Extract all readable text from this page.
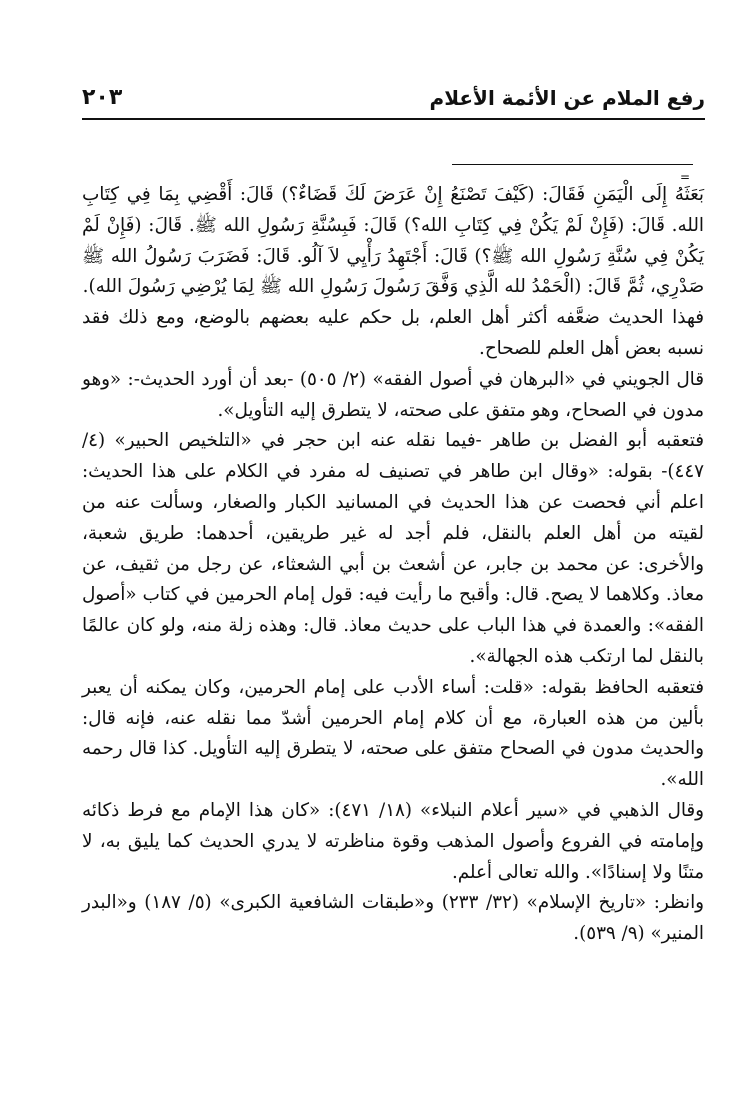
رفع الملام عن الأئمة الأعلام
٢٠٣
=

بَعَثَهُ إِلَى الْيَمَنِ فَقَالَ: (كَيْفَ تَصْنَعُ إِنْ عَرَضَ لَكَ قَضَاءٌ؟) قَالَ: أَقْضِي بِمَا فِي كِتَابِ الله. قَالَ: (فَإِنْ لَمْ يَكُنْ فِي كِتَابِ الله؟) قَالَ: فَبِسُنَّةِ رَسُولِ الله ﷺ. قَالَ: (فَإِنْ لَمْ يَكُنْ فِي سُنَّةِ رَسُولِ الله ﷺ؟) قَالَ: أَجْتَهِدُ رَأْيِي لاَ آلُو. قَالَ: فَضَرَبَ رَسُولُ الله ﷺ صَدْرِي، ثُمَّ قَالَ: (الْحَمْدُ لله الَّذِي وَفَّقَ رَسُولَ رَسُولِ الله ﷺ لِمَا يُرْضِي رَسُولَ الله).

فهذا الحديث ضعَّفه أكثر أهل العلم، بل حكم عليه بعضهم بالوضع، ومع ذلك فقد نسبه بعض أهل العلم للصحاح.

قال الجويني في «البرهان في أصول الفقه» (٢/ ٥٠٥) -بعد أن أورد الحديث-: «وهو مدون في الصحاح، وهو متفق على صحته، لا يتطرق إليه التأويل».

فتعقبه أبو الفضل بن طاهر -فيما نقله عنه ابن حجر في «التلخيص الحبير» (٤/ ٤٤٧)- بقوله: «وقال ابن طاهر في تصنيف له مفرد في الكلام على هذا الحديث: اعلم أني فحصت عن هذا الحديث في المسانيد الكبار والصغار، وسألت عنه من لقيته من أهل العلم بالنقل، فلم أجد له غير طريقين، أحدهما: طريق شعبة، والأخرى: عن محمد بن جابر، عن أشعث بن أبي الشعثاء، عن رجل من ثقيف، عن معاذ. وكلاهما لا يصح. قال: وأقبح ما رأيت فيه: قول إمام الحرمين في كتاب «أصول الفقه»: والعمدة في هذا الباب على حديث معاذ. قال: وهذه زلة منه، ولو كان عالمًا بالنقل لما ارتكب هذه الجهالة».

فتعقبه الحافظ بقوله: «قلت: أساء الأدب على إمام الحرمين، وكان يمكنه أن يعبر بألين من هذه العبارة، مع أن كلام إمام الحرمين أشدّ مما نقله عنه، فإنه قال: والحديث مدون في الصحاح متفق على صحته، لا يتطرق إليه التأويل. كذا قال رحمه الله».

وقال الذهبي في «سير أعلام النبلاء» (١٨/ ٤٧١): «كان هذا الإمام مع فرط ذكائه وإمامته في الفروع وأصول المذهب وقوة مناظرته لا يدري الحديث كما يليق به، لا متنًا ولا إسنادًا». والله تعالى أعلم.

وانظر: «تاريخ الإسلام» (٣٢/ ٢٣٣) و«طبقات الشافعية الكبرى» (٥/ ١٨٧) و«البدر المنير» (٩/ ٥٣٩).
